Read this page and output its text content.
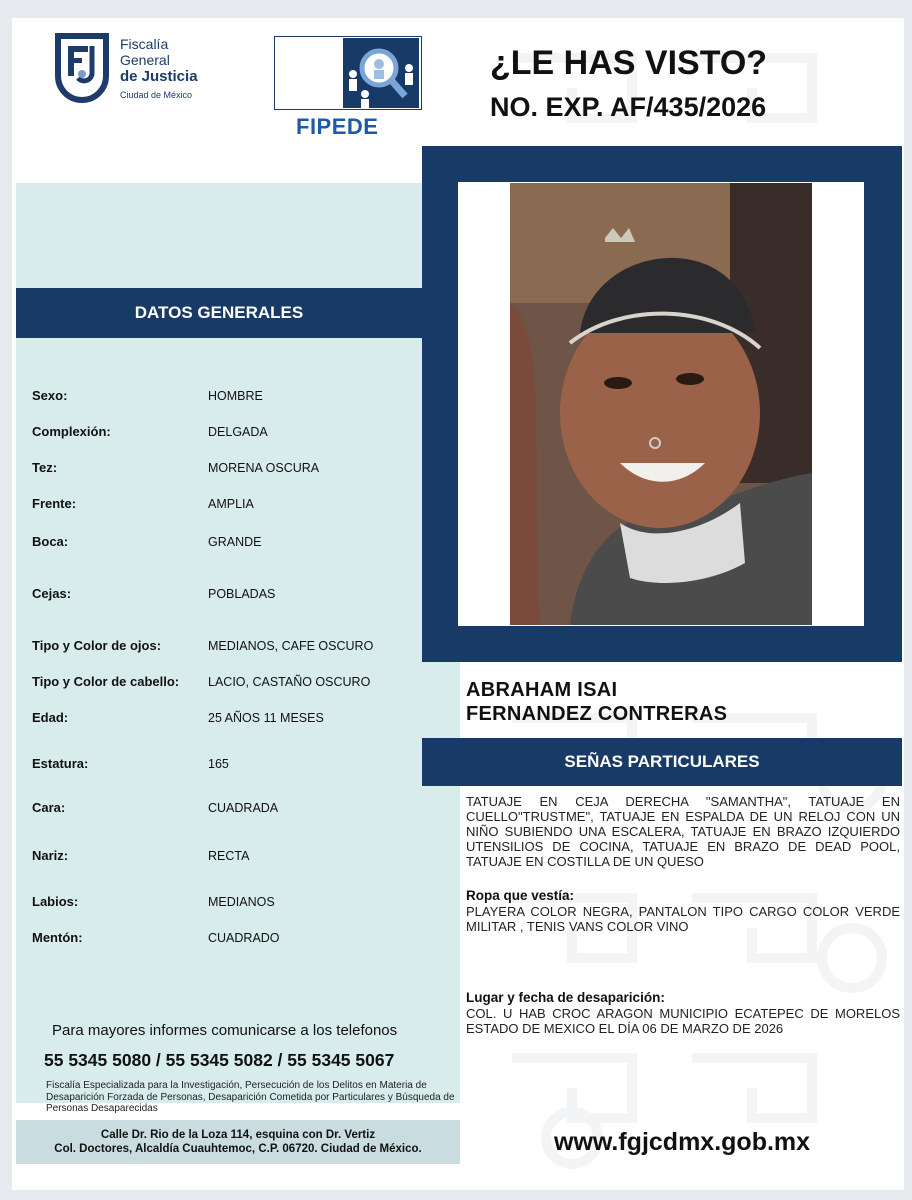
Fiscalía
General
de Justicia
Ciudad de México
FIPEDE
¿LE HAS VISTO?
NO. EXP. AF/435/2026
DATOS GENERALES
Sexo:	HOMBRE
Complexión:	DELGADA
Tez:	MORENA OSCURA
Frente:	AMPLIA
Boca:	GRANDE
Cejas:	POBLADAS
Tipo y Color de ojos:	MEDIANOS, CAFE OSCURO
Tipo y Color de cabello: LACIO, CASTAÑO OSCURO
Edad:	25 AÑOS 11 MESES
Estatura:	165
Cara:	CUADRADA
Nariz:	RECTA
Labios:	MEDIANOS
Mentón:	CUADRADO
ABRAHAM ISAI
FERNANDEZ CONTRERAS
SEÑAS PARTICULARES
TATUAJE EN CEJA DERECHA "SAMANTHA", TATUAJE EN CUELLO"TRUSTME", TATUAJE EN ESPALDA DE UN RELOJ CON UN NIÑO SUBIENDO UNA ESCALERA, TATUAJE EN BRAZO IZQUIERDO UTENSILIOS DE COCINA, TATUAJE EN BRAZO DE DEAD POOL, TATUAJE EN COSTILLA DE UN QUESO
Ropa que vestía:
PLAYERA COLOR NEGRA, PANTALON TIPO CARGO COLOR VERDE MILITAR , TENIS VANS COLOR VINO
Lugar y fecha de desaparición:
COL. U HAB CROC ARAGON MUNICIPIO ECATEPEC DE MORELOS ESTADO DE MEXICO EL DÍA 06 DE MARZO DE 2026
Para mayores informes comunicarse a los telefonos
55 5345 5080 / 55 5345 5082 / 55 5345 5067
Fiscalía Especializada para la Investigación, Persecución de los Delitos en Materia de Desaparición Forzada de Personas, Desaparición Cometida por Particulares y Búsqueda de Personas Desaparecidas
Calle Dr. Rio de la Loza 114, esquina con Dr. Vertiz
Col. Doctores, Alcaldía Cuauhtemoc, C.P. 06720. Ciudad de México.	www.fgjcdmx.gob.mx
